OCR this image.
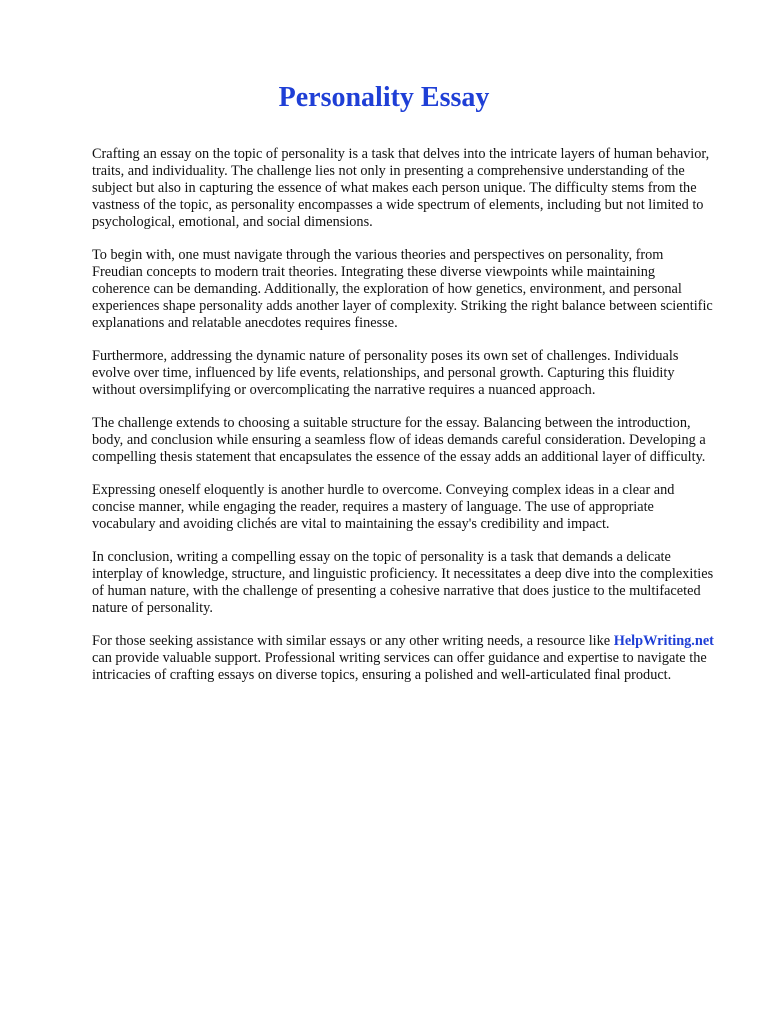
Personality Essay

Crafting an essay on the topic of personality is a task that delves into the intricate layers of human behavior, traits, and individuality. The challenge lies not only in presenting a comprehensive understanding of the subject but also in capturing the essence of what makes each person unique. The difficulty stems from the vastness of the topic, as personality encompasses a wide spectrum of elements, including but not limited to psychological, emotional, and social dimensions.

To begin with, one must navigate through the various theories and perspectives on personality, from Freudian concepts to modern trait theories. Integrating these diverse viewpoints while maintaining coherence can be demanding. Additionally, the exploration of how genetics, environment, and personal experiences shape personality adds another layer of complexity. Striking the right balance between scientific explanations and relatable anecdotes requires finesse.

Furthermore, addressing the dynamic nature of personality poses its own set of challenges. Individuals evolve over time, influenced by life events, relationships, and personal growth. Capturing this fluidity without oversimplifying or overcomplicating the narrative requires a nuanced approach.

The challenge extends to choosing a suitable structure for the essay. Balancing between the introduction, body, and conclusion while ensuring a seamless flow of ideas demands careful consideration. Developing a compelling thesis statement that encapsulates the essence of the essay adds an additional layer of difficulty.

Expressing oneself eloquently is another hurdle to overcome. Conveying complex ideas in a clear and concise manner, while engaging the reader, requires a mastery of language. The use of appropriate vocabulary and avoiding clichés are vital to maintaining the essay's credibility and impact.

In conclusion, writing a compelling essay on the topic of personality is a task that demands a delicate interplay of knowledge, structure, and linguistic proficiency. It necessitates a deep dive into the complexities of human nature, with the challenge of presenting a cohesive narrative that does justice to the multifaceted nature of personality.

For those seeking assistance with similar essays or any other writing needs, a resource like HelpWriting.net can provide valuable support. Professional writing services can offer guidance and expertise to navigate the intricacies of crafting essays on diverse topics, ensuring a polished and well-articulated final product.
